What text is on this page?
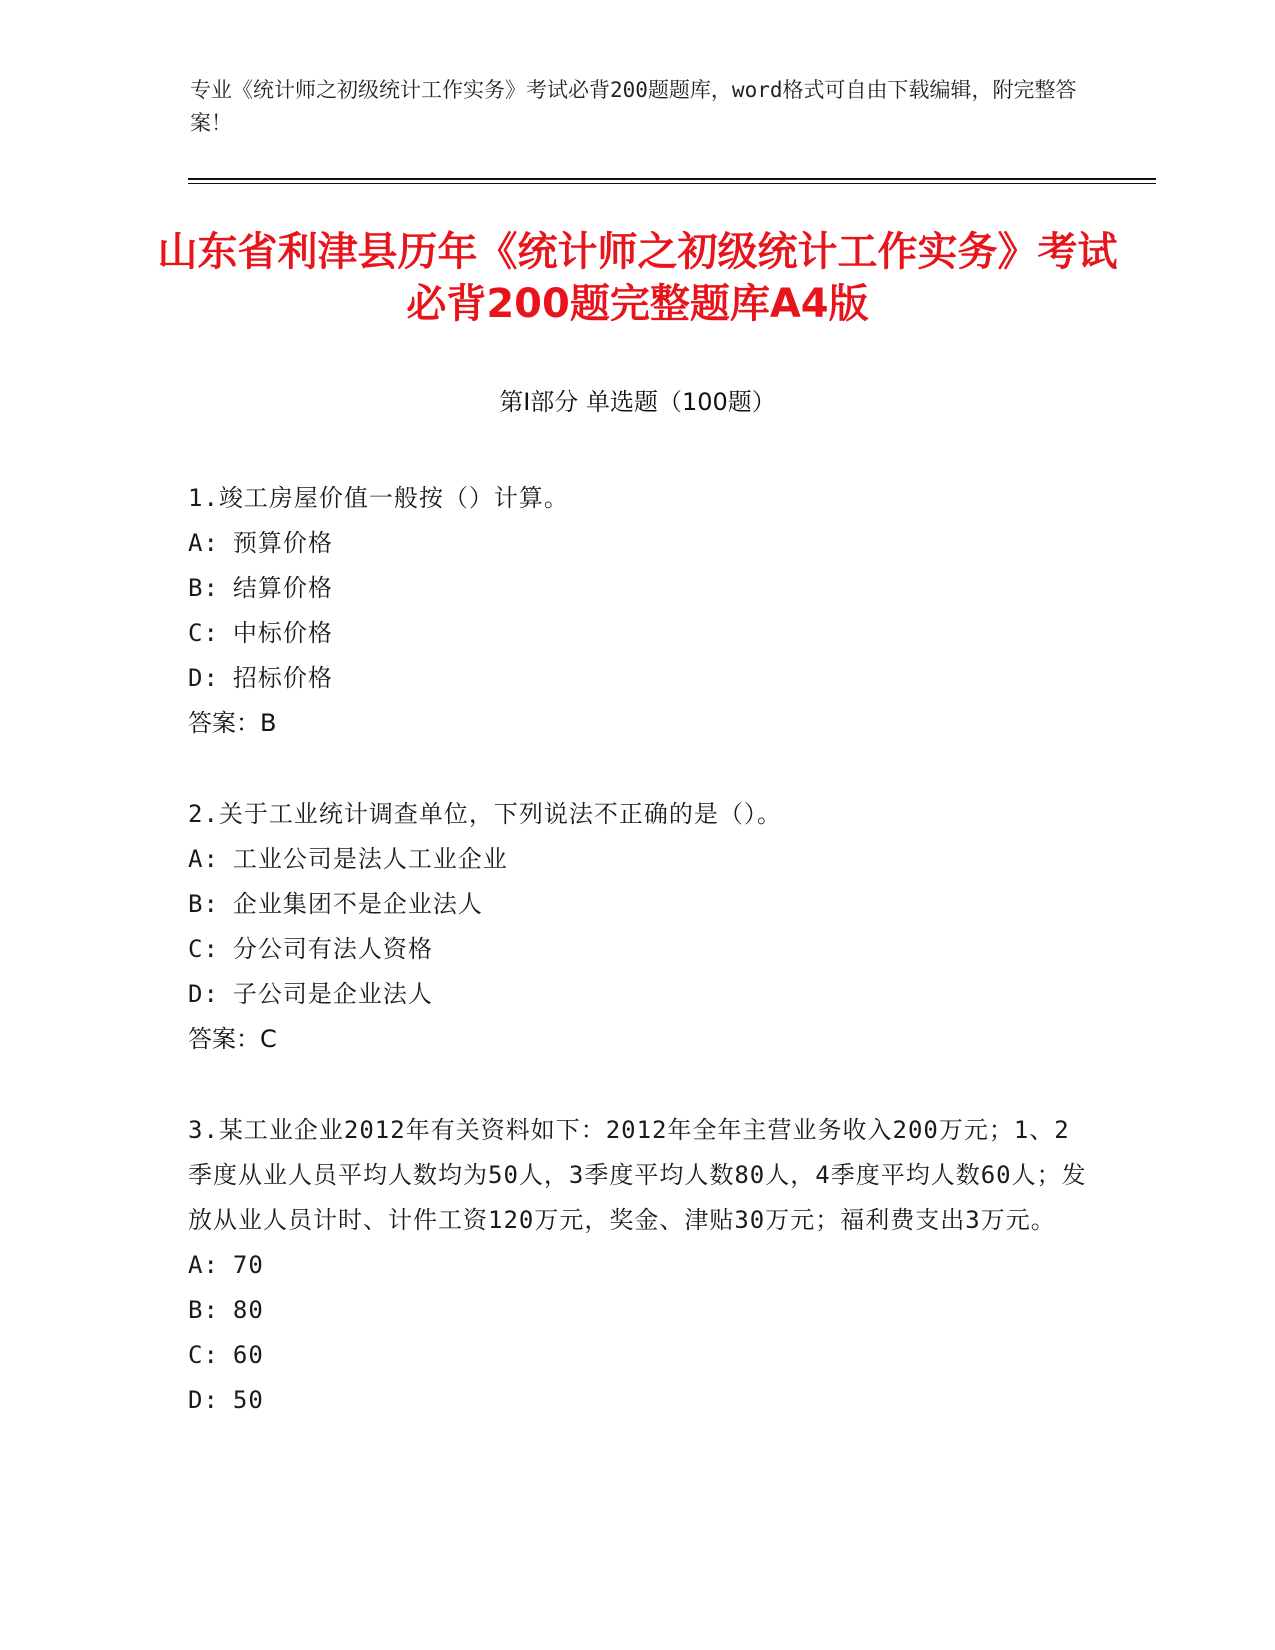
专业《统计师之初级统计工作实务》考试必背200题题库，word格式可自由下载编辑，附完整答案！
山东省利津县历年《统计师之初级统计工作实务》考试必背200题完整题库A4版
第Ⅰ部分 单选题（100题）

1.竣工房屋价值一般按（）计算。

A: 预算价格
B: 结算价格
C: 中标价格
D: 招标价格
答案：B

2.关于工业统计调查单位，下列说法不正确的是（）。

A: 工业公司是法人工业企业
B: 企业集团不是企业法人
C: 分公司有法人资格
D: 子公司是企业法人
答案：C

3.某工业企业2012年有关资料如下：2012年全年主营业务收入200万元；1、2季度从业人员平均人数均为50人，3季度平均人数80人，4季度平均人数60人；发放从业人员计时、计件工资120万元，奖金、津贴30万元；福利费支出3万元。

A: 70
B: 80
C: 60
D: 50
